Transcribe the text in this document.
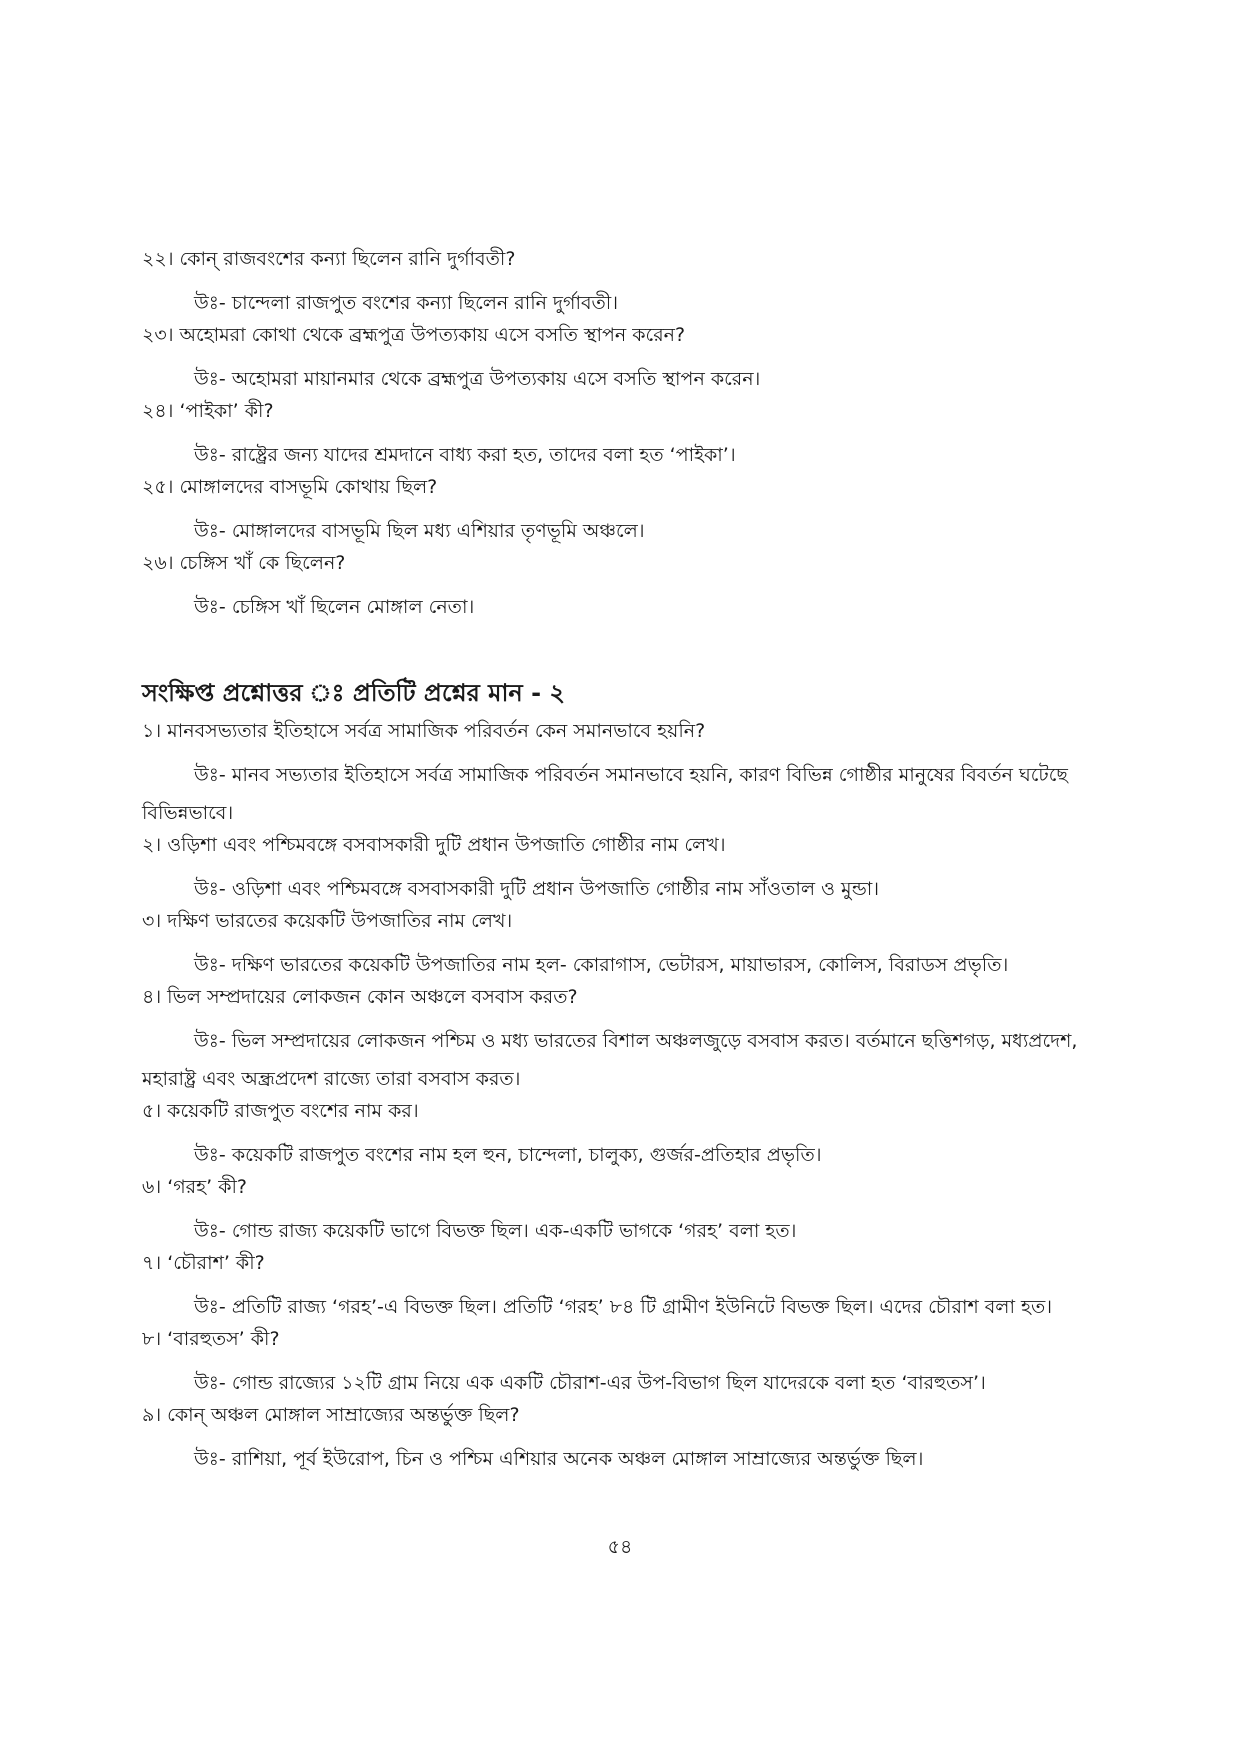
২২। কোন্ রাজবংশের কন্যা ছিলেন রানি দুর্গাবতী?
উঃ- চান্দেলা রাজপুত বংশের কন্যা ছিলেন রানি দুর্গাবতী।
২৩। অহোমরা কোথা থেকে ব্রহ্মপুত্র উপত্যকায় এসে বসতি স্থাপন করেন?
উঃ- অহোমরা মায়ানমার থেকে ব্রহ্মপুত্র উপত্যকায় এসে বসতি স্থাপন করেন।
২৪। ‘পাইকা’ কী?
উঃ- রাষ্ট্রের জন্য যাদের শ্রমদানে বাধ্য করা হত, তাদের বলা হত ‘পাইকা’।
২৫। মোঙ্গালদের বাসভূমি কোথায় ছিল?
উঃ- মোঙ্গালদের বাসভূমি ছিল মধ্য এশিয়ার তৃণভূমি অঞ্চলে।
২৬। চেঙ্গিস খাঁ কে ছিলেন?
উঃ- চেঙ্গিস খাঁ ছিলেন মোঙ্গাল নেতা।
সংক্ষিপ্ত প্রশ্নোত্তর ঃ প্রতিটি প্রশ্নের মান - ২
১। মানবসভ্যতার ইতিহাসে সর্বত্র সামাজিক পরিবর্তন কেন সমানভাবে হয়নি?
উঃ- মানব সভ্যতার ইতিহাসে সর্বত্র সামাজিক পরিবর্তন সমানভাবে হয়নি, কারণ বিভিন্ন গোষ্ঠীর মানুষের বিবর্তন ঘটেছে বিভিন্নভাবে।
২। ওড়িশা এবং পশ্চিমবঙ্গে বসবাসকারী দুটি প্রধান উপজাতি গোষ্ঠীর নাম লেখ।
উঃ- ওড়িশা এবং পশ্চিমবঙ্গে বসবাসকারী দুটি প্রধান উপজাতি গোষ্ঠীর নাম সাঁওতাল ও মুন্ডা।
৩। দক্ষিণ ভারতের কয়েকটি উপজাতির নাম লেখ।
উঃ- দক্ষিণ ভারতের কয়েকটি উপজাতির নাম হল- কোরাগাস, ভেটারস, মায়াভারস, কোলিস, বিরাডস প্রভৃতি।
৪। ভিল সম্প্রদায়ের লোকজন কোন অঞ্চলে বসবাস করত?
উঃ- ভিল সম্প্রদায়ের লোকজন পশ্চিম ও মধ্য ভারতের বিশাল অঞ্চলজুড়ে বসবাস করত। বর্তমানে ছত্তিশগড়, মধ্যপ্রদেশ, মহারাষ্ট্র এবং অন্ধ্রপ্রদেশ রাজ্যে তারা বসবাস করত।
৫। কয়েকটি রাজপুত বংশের নাম কর।
উঃ- কয়েকটি রাজপুত বংশের নাম হল হুন, চান্দেলা, চালুক্য, গুর্জর-প্রতিহার প্রভৃতি।
৬। ‘গরহ’ কী?
উঃ- গোন্ড রাজ্য কয়েকটি ভাগে বিভক্ত ছিল। এক-একটি ভাগকে ‘গরহ’ বলা হত।
৭। ‘চৌরাশ’ কী?
উঃ- প্রতিটি রাজ্য ‘গরহ’-এ বিভক্ত ছিল। প্রতিটি ‘গরহ’ ৮৪ টি গ্রামীণ ইউনিটে বিভক্ত ছিল। এদের চৌরাশ বলা হত।
৮। ‘বারহুতস’ কী?
উঃ- গোন্ড রাজ্যের ১২টি গ্রাম নিয়ে এক একটি চৌরাশ-এর উপ-বিভাগ ছিল যাদেরকে বলা হত ‘বারহুতস’।
৯। কোন্ অঞ্চল মোঙ্গাল সাম্রাজ্যের অন্তর্ভুক্ত ছিল?
উঃ- রাশিয়া, পূর্ব ইউরোপ, চিন ও পশ্চিম এশিয়ার অনেক অঞ্চল মোঙ্গাল সাম্রাজ্যের অন্তর্ভুক্ত ছিল।
৫৪
